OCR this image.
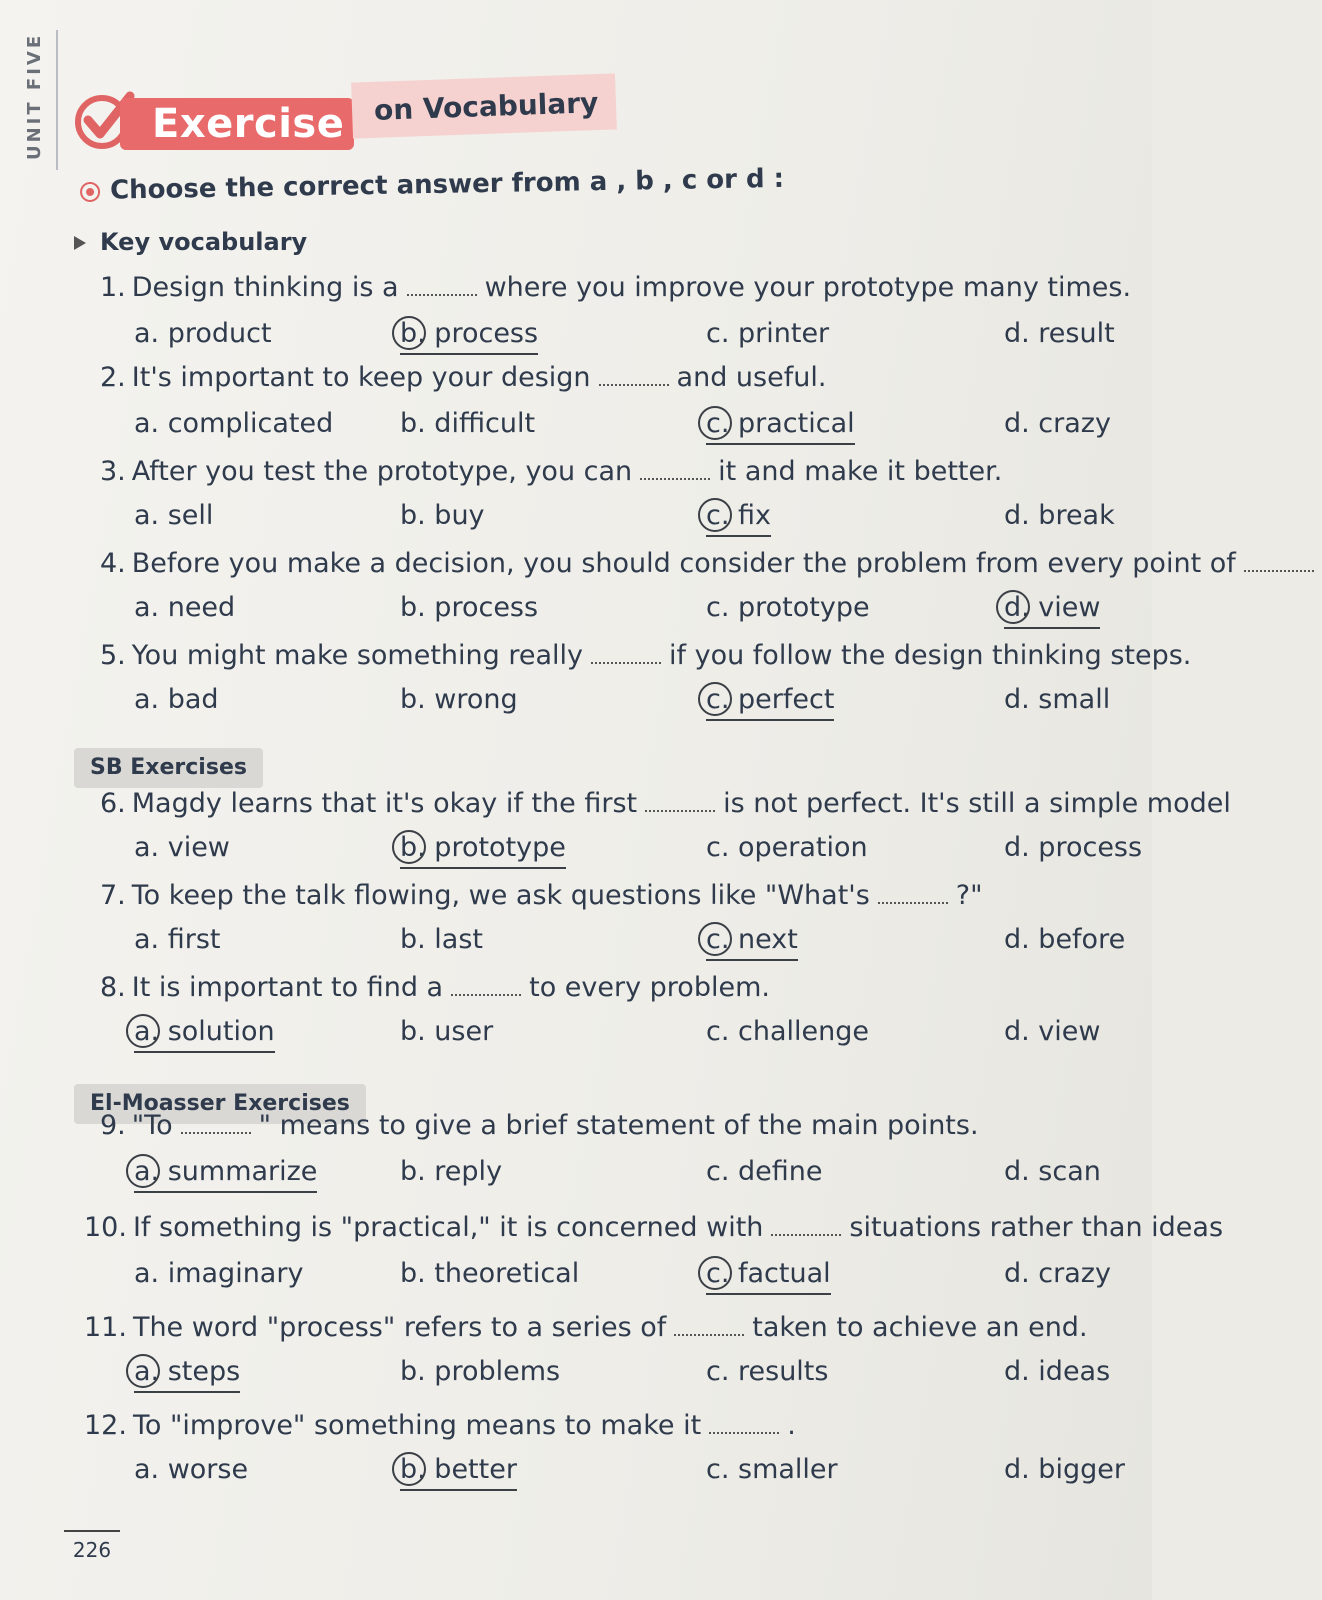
UNIT FIVE	Exercise on Vocabulary
Choose the correct answer from a , b , c or d :
Key vocabulary
SB Exercises
El-Moasser Exercises
1. Design thinking is a	where you improve your prototype many times.
a. product	b. process	c. printer	d. result
2. It's important to keep your design	and useful.
a. complicated b. difficult	c. practical	d. crazy
3. After you test the prototype, you can	it and make it better.
a. sell	b. buy	c. fix	d. break
4. Before you make a decision, you should consider the problem from every point of
a. need	b. process	c. prototype	d. view
5. You might make something really	if you follow the design thinking steps.
a. bad	b. wrong	c. perfect	d. small
6. Magdy learns that it's okay if the first	is not perfect. It's still a simple model
a. view	b. prototype	c. operation	d. process
7. To keep the talk flowing, we ask questions like "What's	?"
a. first	b. last	c. next	d. before
8. It is important to find a	to every problem.
a. solution	b. user	c. challenge	d. view
9. "To	" means to give a brief statement of the main points.
a. summarize	b. reply	c. define	d. scan
10. If something is "practical," it is concerned with	situations rather than ideas
a. imaginary	b. theoretical	c. factual	d. crazy
11. The word "process" refers to a series of	taken to achieve an end.
a. steps	b. problems	c. results	d. ideas
12. To "improve" something means to make it	.
a. worse	b. better	c. smaller	d. bigger
226
